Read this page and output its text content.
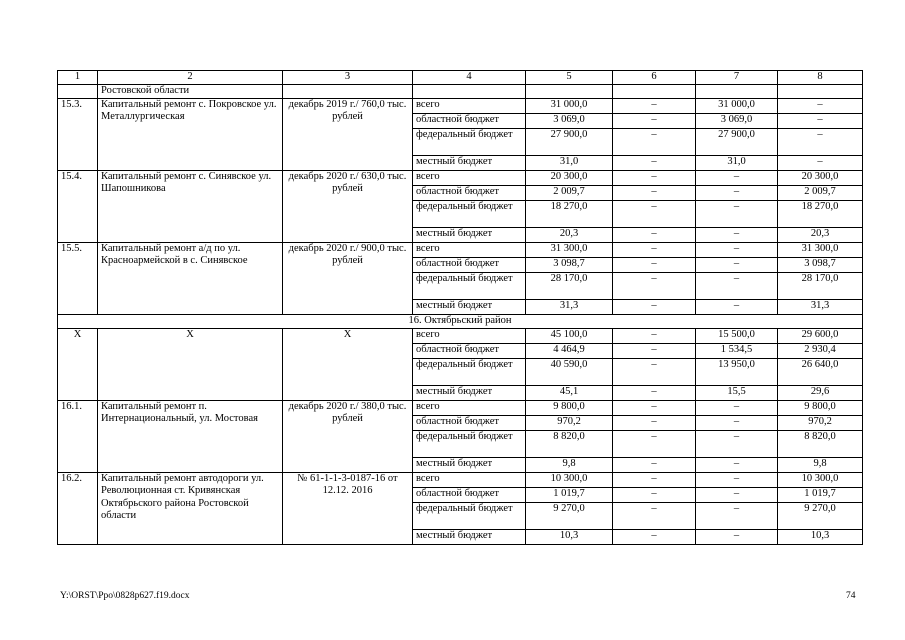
1	2	3	4	5	6	7	8
	Ростовской области						
15.3.	Капитальный ремонт с. Покровское ул. Металлургическая	декабрь 2019 г./ 760,0 тыс. рублей	всего	31 000,0	–	31 000,0	–
			областной бюджет	3 069,0	–	3 069,0	–
			федеральный бюджет	27 900,0	–	27 900,0	–
			местный бюджет	31,0	–	31,0	–
15.4.	Капитальный ремонт с. Синявское ул. Шапошникова	декабрь 2020 г./ 630,0 тыс. рублей	всего	20 300,0	–	–	20 300,0
			областной бюджет	2 009,7	–	–	2 009,7
			федеральный бюджет	18 270,0	–	–	18 270,0
			местный бюджет	20,3	–	–	20,3
15.5.	Капитальный ремонт а/д по ул. Красноармейской в с. Синявское	декабрь 2020 г./ 900,0 тыс. рублей	всего	31 300,0	–	–	31 300,0
			областной бюджет	3 098,7	–	–	3 098,7
			федеральный бюджет	28 170,0	–	–	28 170,0
			местный бюджет	31,3	–	–	31,3
16. Октябрьский район							
Х	Х	Х	всего	45 100,0	–	15 500,0	29 600,0
			областной бюджет	4 464,9	–	1 534,5	2 930,4
			федеральный бюджет	40 590,0	–	13 950,0	26 640,0
			местный бюджет	45,1	–	15,5	29,6
16.1.	Капитальный ремонт п. Интернациональный, ул. Мостовая	декабрь 2020 г./ 380,0 тыс. рублей	всего	9 800,0	–	–	9 800,0
			областной бюджет	970,2	–	–	970,2
			федеральный бюджет	8 820,0	–	–	8 820,0
			местный бюджет	9,8	–	–	9,8
16.2.	Капитальный ремонт автодороги ул. Революционная ст. Кривянская Октябрьского района Ростовской области	№ 61-1-1-3-0187-16 от 12.12. 2016	всего	10 300,0	–	–	10 300,0
			областной бюджет	1 019,7	–	–	1 019,7
			федеральный бюджет	9 270,0	–	–	9 270,0
			местный бюджет	10,3	–	–	10,3
Y:\ORST\Ppo\0828p627.f19.docx	74
